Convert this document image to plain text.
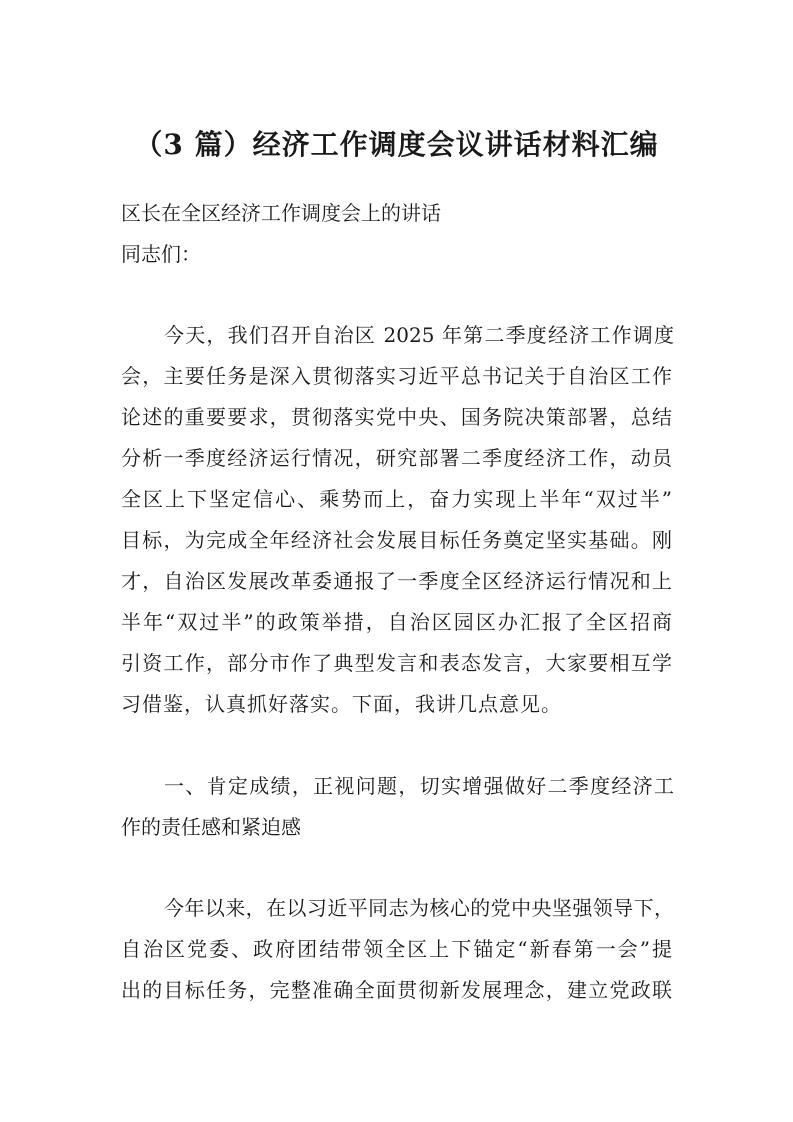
（3 篇）经济工作调度会议讲话材料汇编
区长在全区经济工作调度会上的讲话
同志们：
今天，我们召开自治区 2025 年第二季度经济工作调度
会，主要任务是深入贯彻落实习近平总书记关于自治区工作
论述的重要要求，贯彻落实党中央、国务院决策部署，总结
分析一季度经济运行情况，研究部署二季度经济工作，动员
全区上下坚定信心、乘势而上，奋力实现上半年“双过半”
目标，为完成全年经济社会发展目标任务奠定坚实基础。刚
才，自治区发展改革委通报了一季度全区经济运行情况和上
半年“双过半”的政策举措，自治区园区办汇报了全区招商
引资工作，部分市作了典型发言和表态发言，大家要相互学
习借鉴，认真抓好落实。下面，我讲几点意见。
一、肯定成绩，正视问题，切实增强做好二季度经济工
作的责任感和紧迫感
今年以来，在以习近平同志为核心的党中央坚强领导下，
自治区党委、政府团结带领全区上下锚定“新春第一会”提
出的目标任务，完整准确全面贯彻新发展理念，建立党政联
